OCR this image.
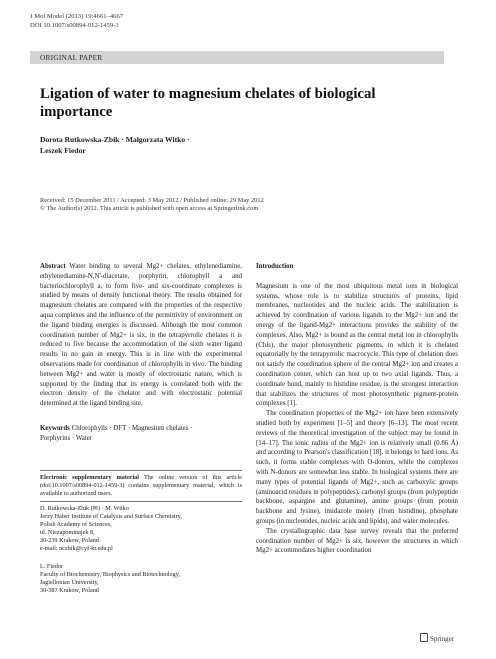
J Mol Model (2013) 19:4661–4667
DOI 10.1007/s00894-012-1459-3
ORIGINAL PAPER
Ligation of water to magnesium chelates of biological importance
Dorota Rutkowska-Zbik · Małgorzata Witko ·
Leszek Fiedor
Received: 15 December 2011 / Accepted: 3 May 2012 / Published online: 29 May 2012
© The Author(s) 2012. This article is published with open access at Springerlink.com

Abstract Water binding to several Mg2+ chelates, ethylenediamine, ethylenediamine-N,N'-diacetate, porphyrin, chlorophyll a and bacteriochlorophyll a, to form five- and six-coordinate complexes is studied by means of density functional theory. The results obtained for magnesium chelates are compared with the properties of the respective aqua complexes and the influence of the permittivity of environment on the ligand binding energies is discussed. Although the most common coordination number of Mg2+ is six, in the tetrapyrrolic chelates it is reduced to five because the accommodation of the sixth water ligand results in no gain in energy. This is in line with the experimental observations made for coordination of chlorophylls in vivo. The binding between Mg2+ and water is mostly of electrostatic nature, which is supported by the finding that its energy is correlated both with the electron density of the chelator and with electrostatic potential determined at the ligand binding site.

Keywords Chlorophylls · DFT · Magnesium chelates ·

Porphyrins · Water

Electronic supplementary material The online version of this article (doi:10.1007/s00894-012-1459-3) contains supplementary material, which is available to authorized users.
D. Rutkowska-Zbik (✉) · M. Witko
Jerzy Haber Institute of Catalysis and Surface Chemistry,
Polish Academy of Sciences,
ul. Niezapominajek 8,
30-239 Krakow, Poland
e-mail: nczbik@cyf-kr.edu.pl
L. Fiedor
Faculty of Biochemistry, Biophysics and Biotechnology,
Jagiellonian University,
30-387 Krakow, Poland

Introduction

Magnesium is one of the most ubiquitous metal ions in biological systems, whose role is to stabilize structures of proteins, lipid membranes, nucleotides and the nucleic acids. The stabilization is achieved by coordination of various ligands to the Mg2+ ion and the energy of the ligand-Mg2+ interactions provides the stability of the complexes. Also, Mg2+ is bound as the central metal ion in chlorophylls (Chls), the major photosynthetic pigments, in which it is chelated equatorially by the tetrapyrrolic macrocycle. This type of chelation does not satisfy the coordination sphere of the central Mg2+ ion and creates a coordination center, which can host up to two axial ligands. Thus, a coordinate bond, mainly to histidine residue, is the strongest interaction that stabilizes the structures of most photosynthetic pigment-protein complexes [1].

The coordination properties of the Mg2+ ion have been extensively studied both by experiment [1–5] and theory [6–13]. The most recent reviews of the theoretical investigation of the subject may be found in [14–17]. The ionic radius of the Mg2+ ion is relatively small (0.86 Å) and according to Pearson's classification [18], it belongs to hard ions. As such, it forms stable complexes with O-donors, while the complexes with N-donors are somewhat less stable. In biological systems there are many types of potential ligands of Mg2+, such as carboxylic groups (aminoacid residues in polypeptides), carbonyl groups (from polypeptide backbone, aspargine and glutamine), amine groups (from protein backbone and lysine), imidazole moiety (from histidine), phosphate groups (in nucleotides, nucleic acids and lipids), and water molecules.

The crystallographic data base survey reveals that the preferred coordination number of Mg2+ is six, however the structures in which Mg2+ accommodates higher coordination

Springer
